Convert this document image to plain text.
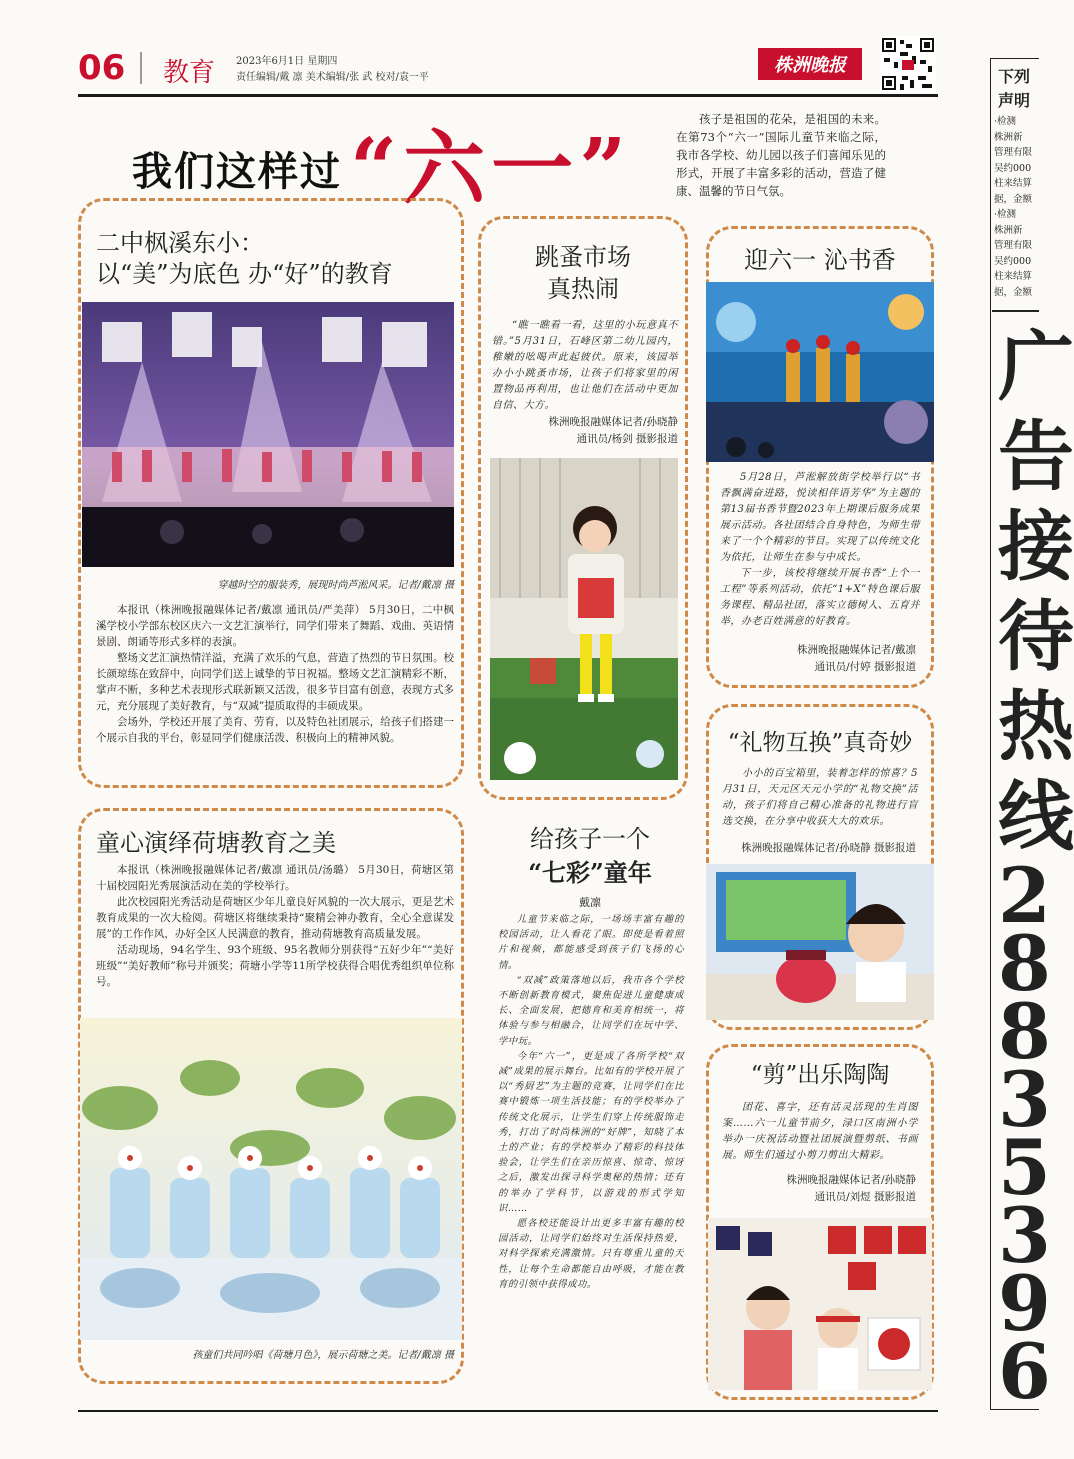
06 教育 2023年6月1日 星期四
责任编辑/戴 凛 美术编辑/张 武 校对/袁一平
株洲晚报
我们这样过 “六一”
孩子是祖国的花朵，是祖国的未来。在第73个“六一”国际儿童节来临之际，我市各学校、幼儿园以孩子们喜闻乐见的形式，开展了丰富多彩的活动，营造了健康、温馨的节日气氛。
二中枫溪东小：
以“美”为底色 办“好”的教育
穿越时空的服装秀，展现时尚芦淞风采。记者/戴凛 摄

本报讯（株洲晚报融媒体记者/戴凛 通讯员/严美萍） 5月30日，二中枫溪学校小学部东校区庆六一文艺汇演举行，同学们带来了舞蹈、戏曲、英语情景剧、朗诵等形式多样的表演。

整场文艺汇演热情洋溢，充满了欢乐的气息，营造了热烈的节日氛围。校长颜琼练在致辞中，向同学们送上诚挚的节日祝福。整场文艺汇演精彩不断，掌声不断，多种艺术表现形式联新颖又活泼，很多节目富有创意，表现方式多元，充分展现了美好教育，与“双减”提质取得的丰硕成果。

会场外，学校还开展了美育、劳育，以及特色社团展示，给孩子们搭建一个展示自我的平台，彰显同学们健康活泼、积极向上的精神风貌。

跳蚤市场
真热闹

“瞧一瞧看一看，这里的小玩意真不错。”5月31日，石峰区第二幼儿园内，稚嫩的吆喝声此起彼伏。原来，该园举办小小跳蚤市场，让孩子们将家里的闲置物品再利用，也让他们在活动中更加自信、大方。

株洲晚报融媒体记者/孙晓静
通讯员/杨剑 摄影报道
迎六一 沁书香

5月28日，芦淞解放街学校举行以“书香飘满奋进路，悦读相伴语芳华”为主题的第13届书香节暨2023年上期课后服务成果展示活动。各社团结合自身特色，为师生带来了一个个精彩的节目。实现了以传统文化为依托，让师生在参与中成长。

下一步，该校将继续开展书香“上个一工程”等系列活动，依托“1+X”特色课后服务课程、精品社团，落实立德树人、五育并举，办老百姓满意的好教育。

株洲晚报融媒体记者/戴凛
通讯员/付婷 摄影报道
“礼物互换”真奇妙

小小的百宝箱里，装着怎样的惊喜？5月31日，天元区天元小学的“礼物交换”活动，孩子们将自己精心准备的礼物进行盲选交换，在分享中收获大大的欢乐。

株洲晚报融媒体记者/孙晓静 摄影报道
童心演绎荷塘教育之美

本报讯（株洲晚报融媒体记者/戴凛 通讯员/汤璐） 5月30日，荷塘区第十届校园阳光秀展演活动在美的学校举行。

此次校园阳光秀活动是荷塘区少年儿童良好风貌的一次大展示，更是艺术教育成果的一次大检阅。荷塘区将继续秉持“聚精会神办教育，全心全意谋发展”的工作作风，办好全区人民满意的教育，推动荷塘教育高质量发展。

活动现场，94名学生、93个班级、95名教师分别获得“五好少年”“美好班级”“美好教师”称号并颁奖；荷塘小学等11所学校获得合唱优秀组织单位称号。

孩童们共同吟唱《荷塘月色》，展示荷塘之美。记者/戴凛 摄
给孩子一个
“七彩”童年
戴凛

儿童节来临之际，一场场丰富有趣的校园活动，让人看花了眼。即使是看着照片和视频，都能感受到孩子们飞扬的心情。

“双减”政策落地以后，我市各个学校不断创新教育模式，聚焦促进儿童健康成长、全面发展，把德育和美育相统一，将体验与参与相融合，让同学们在玩中学、学中玩。

今年“六一”，更是成了各所学校“双减”成果的展示舞台。比如有的学校开展了以“秀厨艺”为主题的竞赛，让同学们在比赛中锻炼一项生活技能；有的学校举办了传统文化展示，让学生们穿上传统服饰走秀，打出了时尚株洲的“好牌”，知晓了本土的产业；有的学校举办了精彩的科技体验会，让学生们在亲历惊喜、惊奇、惊讶之后，激发出探寻科学奥秘的热情；还有的举办了学科节，以游戏的形式学知识……

愿各校还能设计出更多丰富有趣的校园活动，让同学们始终对生活保持热爱，对科学探索充满激情。只有尊重儿童的天性，让每个生命都能自由呼吸，才能在教育的引领中获得成功。

“剪”出乐陶陶

团花、喜字，还有活灵活现的生肖图案……六一儿童节前夕，渌口区南洲小学举办一庆祝活动暨社团展演暨剪纸、书画展。师生们通过小剪刀剪出大精彩。

株洲晚报融媒体记者/孙晓静
通讯员/刘煜 摄影报道
下列
声明
·检测
株洲新
管理有限
吴约000
柱来结算
据，金额
·检测
株洲新
管理有限
吴约000
柱来结算
据，金额
广
告
接
待
热
线
2
8
8
3
5
3
9
6
